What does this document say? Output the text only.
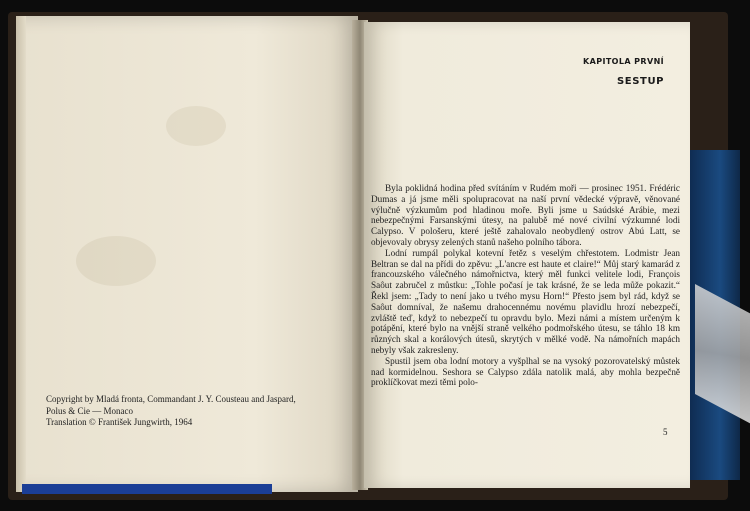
Copyright by Mladá fronta, Commandant J. Y. Cousteau and Jaspard,
Polus & Cie — Monaco
Translation © František Jungwirth, 1964
KAPITOLA PRVNÍ
SESTUP

Byla poklidná hodina před svítáním v Rudém moři — prosinec 1951. Frédéric Dumas a já jsme měli spolupracovat na naší první vědecké výpravě, věnované výlučně výzkumům pod hladinou moře. Byli jsme u Saúdské Arábie, mezi nebezpečnými Farsanskými útesy, na palubě mé nové civilní výzkumné lodi Calypso. V pološeru, které ještě zahalovalo neobydlený ostrov Abú Latt, se objevovaly obrysy zelených stanů našeho polního tábora.

Lodní rumpál polykal kotevní řetěz s veselým chřestotem. Lodmistr Jean Beltran se dal na přídi do zpěvu: „L'ancre est haute et claire!“ Můj starý kamarád z francouzského válečného námořnictva, který měl funkci velitele lodi, François Saôut zabručel z můstku: „Tohle počasí je tak krásné, že se leda může pokazit.“ Řekl jsem: „Tady to není jako u tvého mysu Horn!“ Přesto jsem byl rád, když se Saôut domníval, že našemu drahocennému novému plavidlu hrozí nebezpečí, zvláště teď, když to nebezpečí tu opravdu bylo. Mezi námi a místem určeným k potápění, které bylo na vnější straně velkého podmořského útesu, se táhlo 18 km různých skal a korálových útesů, skrytých v mělké vodě. Na námořních mapách nebyly však zakresleny.

Spustil jsem oba lodní motory a vyšplhal se na vysoký pozorovatelský můstek nad kormidelnou. Seshora se Calypso zdála natolik malá, aby mohla bezpečně proklíčkovat mezi těmi polo-

5
